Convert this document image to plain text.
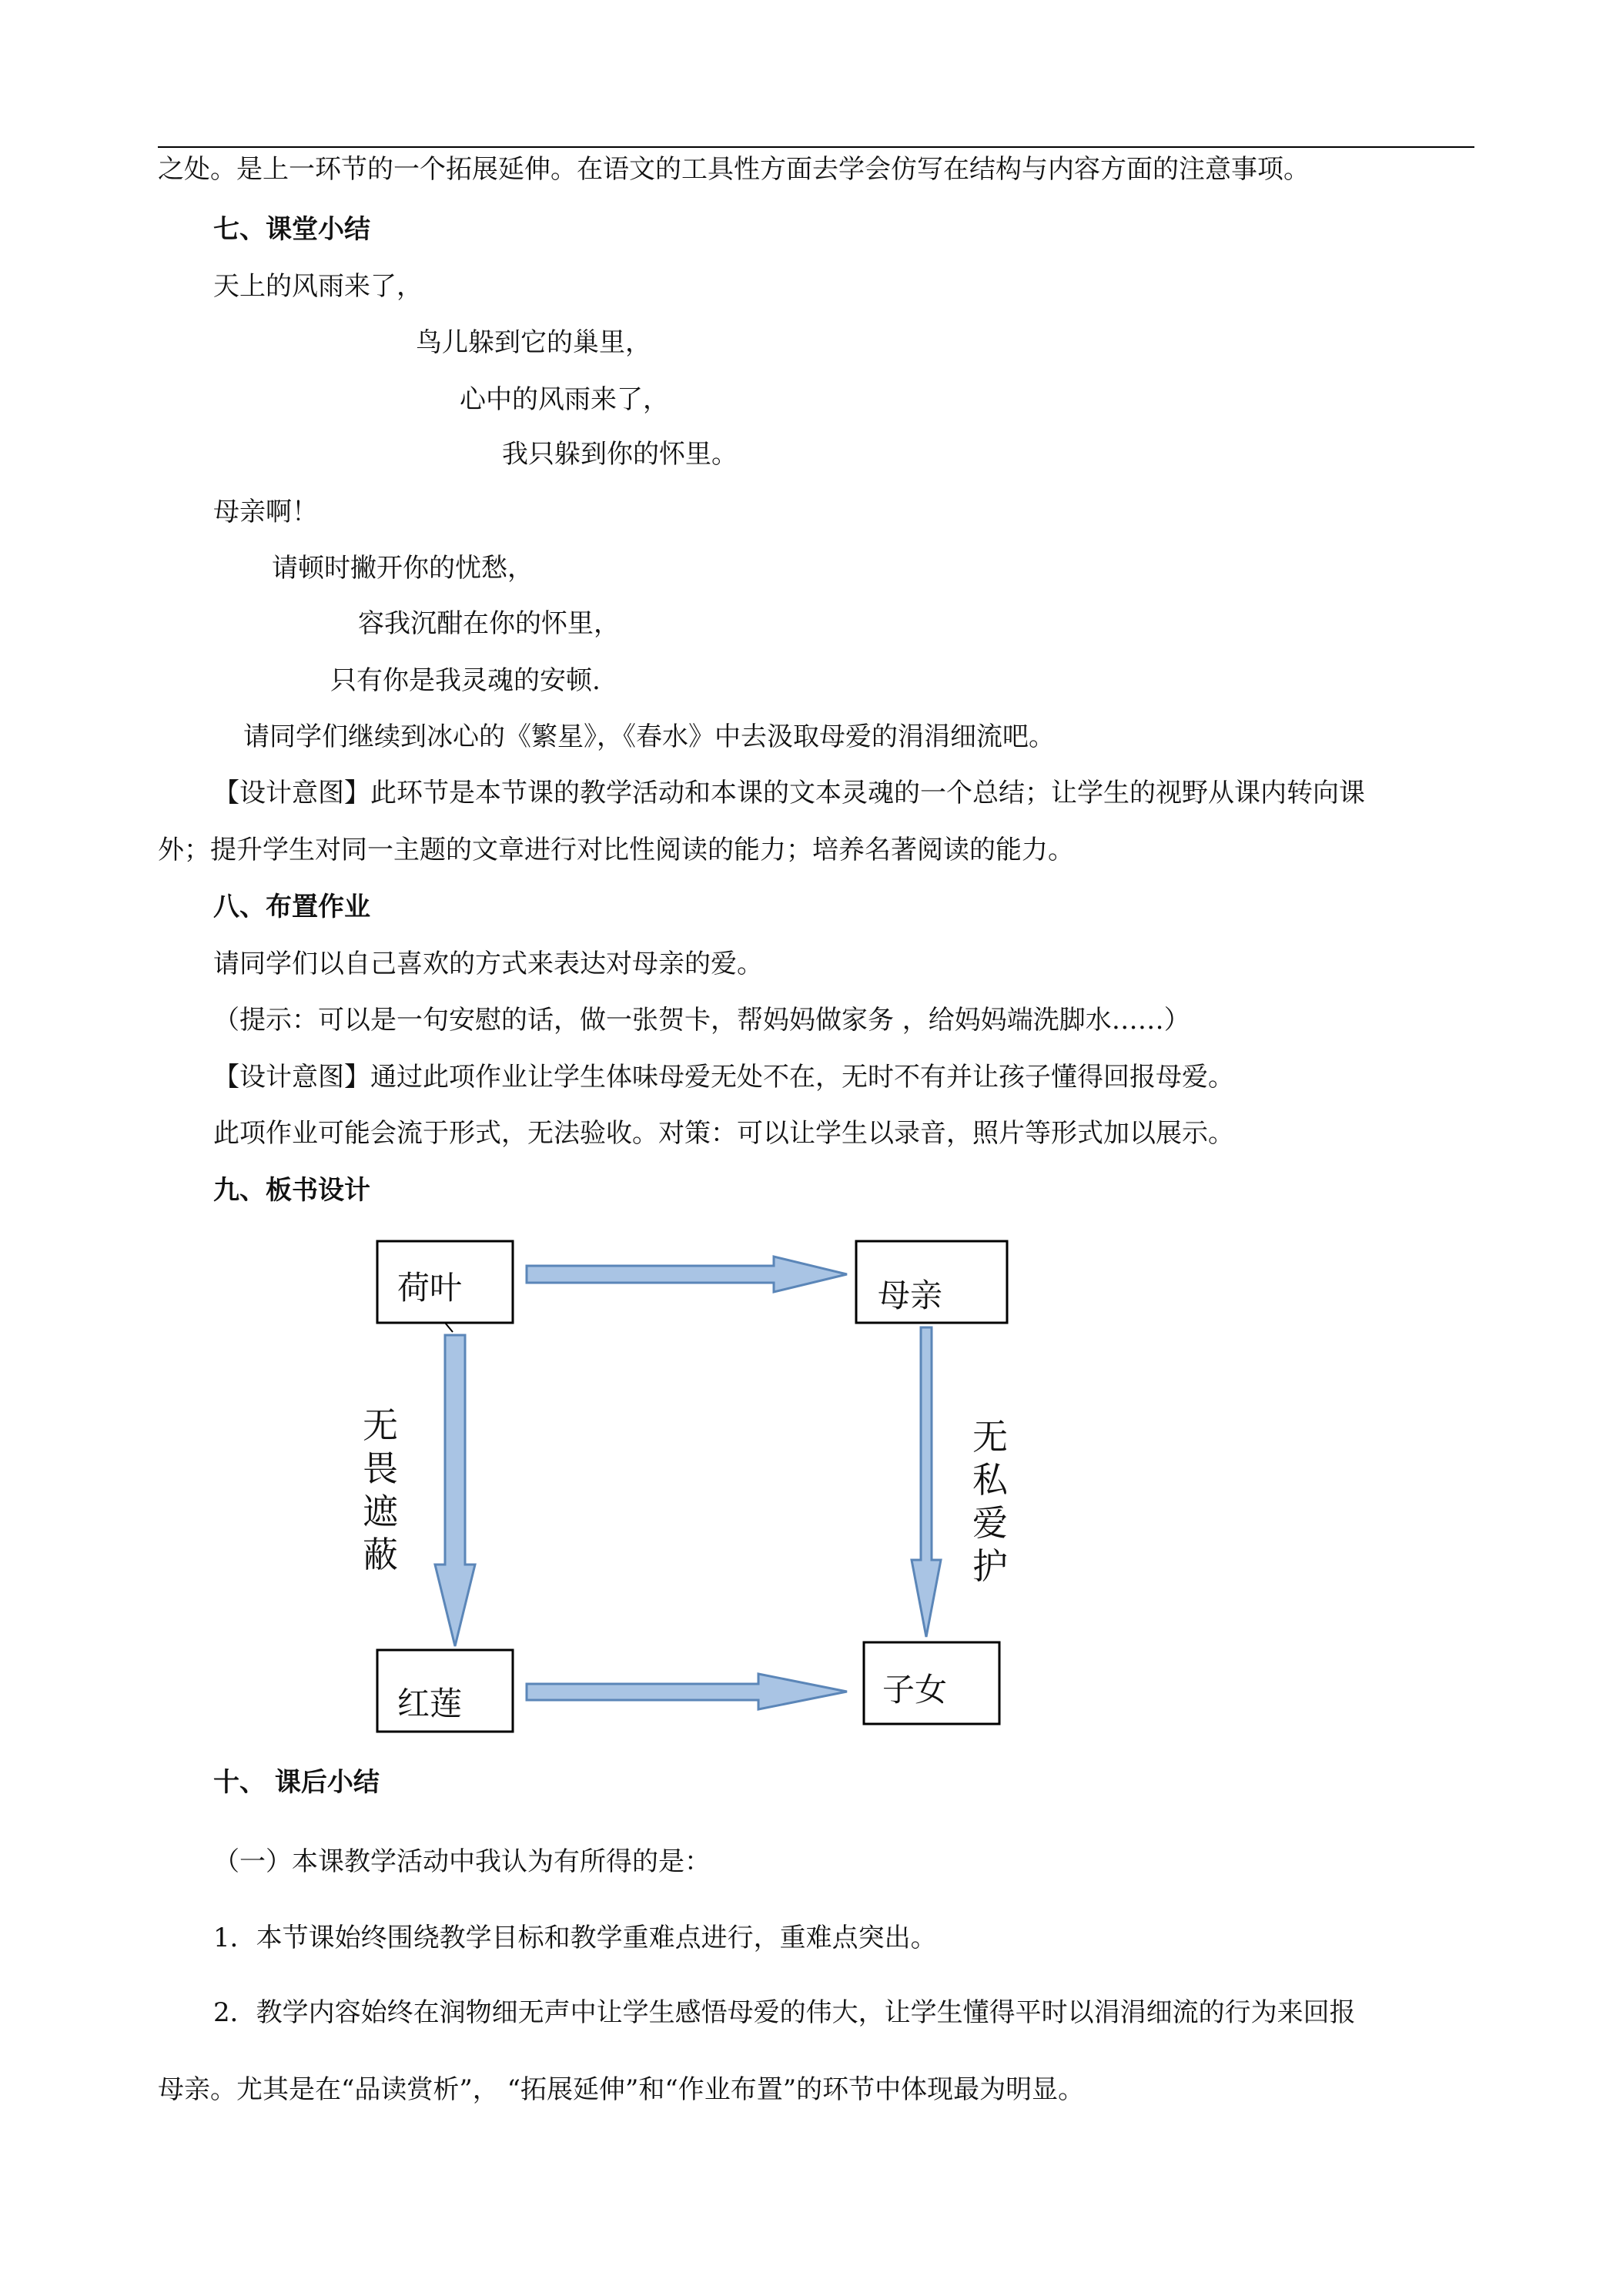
之处。是上一环节的一个拓展延伸。在语文的工具性方面去学会仿写在结构与内容方面的注意事项。
七、课堂小结
天上的风雨来了，
鸟儿躲到它的巢里，
心中的风雨来了，
我只躲到你的怀里。
母亲啊！
请顿时撇开你的忧愁，
容我沉酣在你的怀里，
只有你是我灵魂的安顿.
请同学们继续到冰心的《繁星》，《春水》中去汲取母爱的涓涓细流吧。
【设计意图】此环节是本节课的教学活动和本课的文本灵魂的一个总结；让学生的视野从课内转向课
外；提升学生对同一主题的文章进行对比性阅读的能力；培养名著阅读的能力。
八、布置作业
请同学们以自己喜欢的方式来表达对母亲的爱。
（提示：可以是一句安慰的话，做一张贺卡，帮妈妈做家务 ，给妈妈端洗脚水……）
【设计意图】通过此项作业让学生体味母爱无处不在，无时不有并让孩子懂得回报母爱。
此项作业可能会流于形式，无法验收。对策：可以让学生以录音，照片等形式加以展示。
九、板书设计
荷叶	母亲
红莲	子女
无畏遮蔽
无私爱护
十、 课后小结
（一）本课教学活动中我认为有所得的是：
1．本节课始终围绕教学目标和教学重难点进行，重难点突出。
2．教学内容始终在润物细无声中让学生感悟母爱的伟大，让学生懂得平时以涓涓细流的行为来回报
母亲。尤其是在“品读赏析”， “拓展延伸”和“作业布置”的环节中体现最为明显。
